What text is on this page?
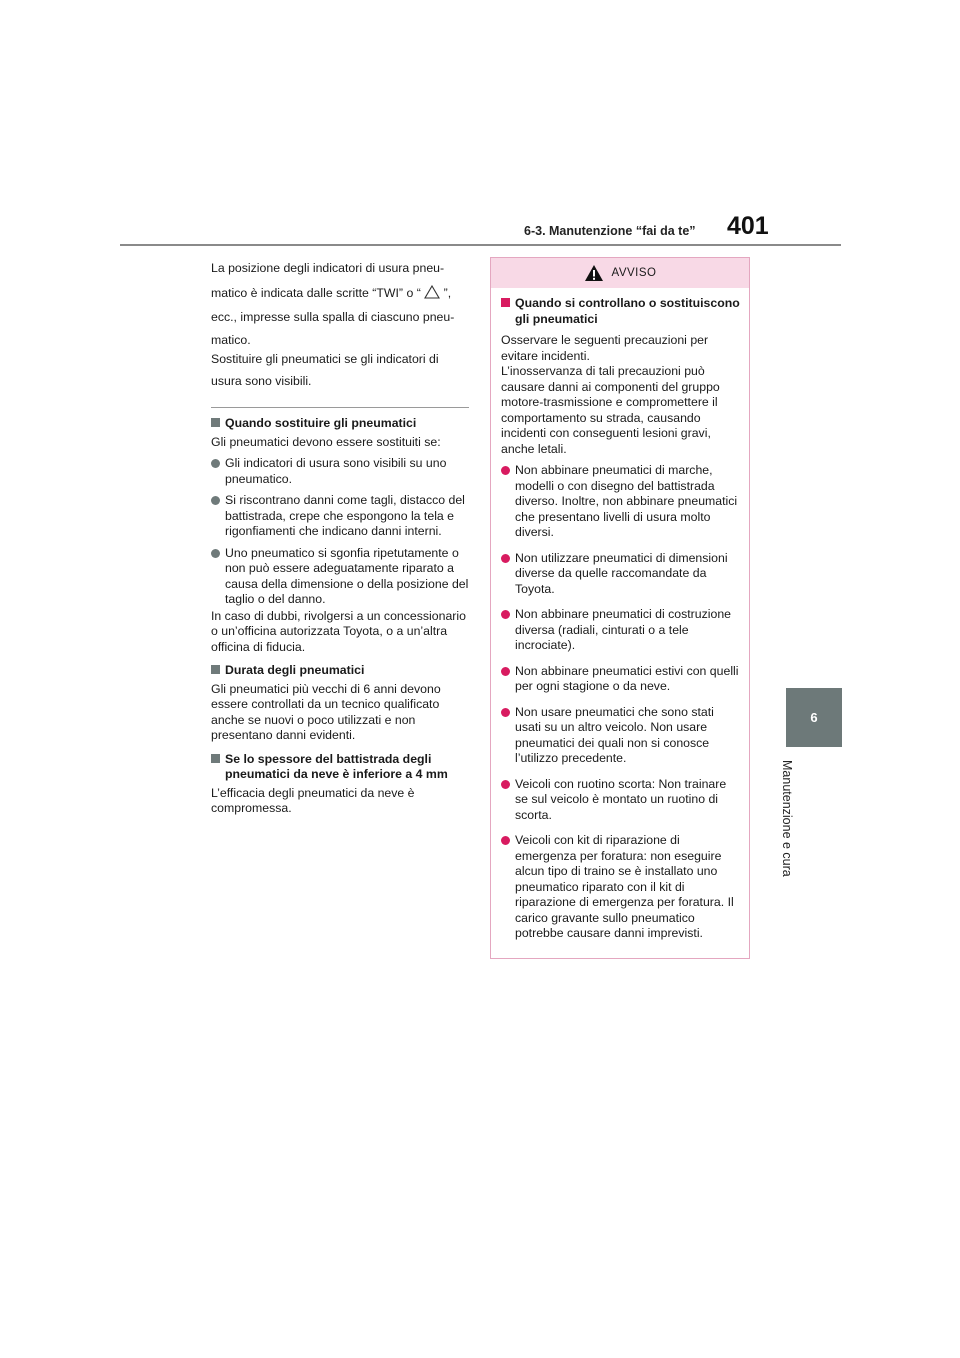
6-3. Manutenzione “fai da te” 401
6
Manutenzione e cura

La posizione degli indicatori di usura pneu-

matico è indicata dalle scritte “TWI” o “ ”,

ecc., impresse sulla spalla di ciascuno pneu-

matico.

Sostituire gli pneumatici se gli indicatori di

usura sono visibili.

Quando sostituire gli pneumatici

Gli pneumatici devono essere sostituiti se:

Gli indicatori di usura sono visibili su uno pneumatico.
Si riscontrano danni come tagli, distacco del battistrada, crepe che espongono la tela e rigonfiamenti che indicano danni interni.
Uno pneumatico si sgonfia ripetutamente o non può essere adeguatamente riparato a causa della dimensione o della posizione del taglio o del danno.

In caso di dubbi, rivolgersi a un concessionario o un’officina autorizzata Toyota, o a un’altra officina di fiducia.

Durata degli pneumatici

Gli pneumatici più vecchi di 6 anni devono essere controllati da un tecnico qualificato anche se nuovi o poco utilizzati e non presentano danni evidenti.

Se lo spessore del battistrada degli pneumatici da neve è inferiore a 4 mm

L’efficacia degli pneumatici da neve è compromessa.

AVVISO
Quando si controllano o sostituiscono gli pneumatici

Osservare le seguenti precauzioni per evitare incidenti.

L’inosservanza di tali precauzioni può causare danni ai componenti del gruppo motore-trasmissione e compromettere il comportamento su strada, causando incidenti con conseguenti lesioni gravi, anche letali.

Non abbinare pneumatici di marche, modelli o con disegno del battistrada diverso. Inoltre, non abbinare pneumatici che presentano livelli di usura molto diversi.
Non utilizzare pneumatici di dimensioni diverse da quelle raccomandate da Toyota.
Non abbinare pneumatici di costruzione diversa (radiali, cinturati o a tele incrociate).
Non abbinare pneumatici estivi con quelli per ogni stagione o da neve.
Non usare pneumatici che sono stati usati su un altro veicolo. Non usare pneumatici dei quali non si conosce l’utilizzo precedente.
Veicoli con ruotino scorta: Non trainare se sul veicolo è montato un ruotino di scorta.
Veicoli con kit di riparazione di emergenza per foratura: non eseguire alcun tipo di traino se è installato uno pneumatico riparato con il kit di riparazione di emergenza per foratura. Il carico gravante sullo pneumatico potrebbe causare danni imprevisti.
